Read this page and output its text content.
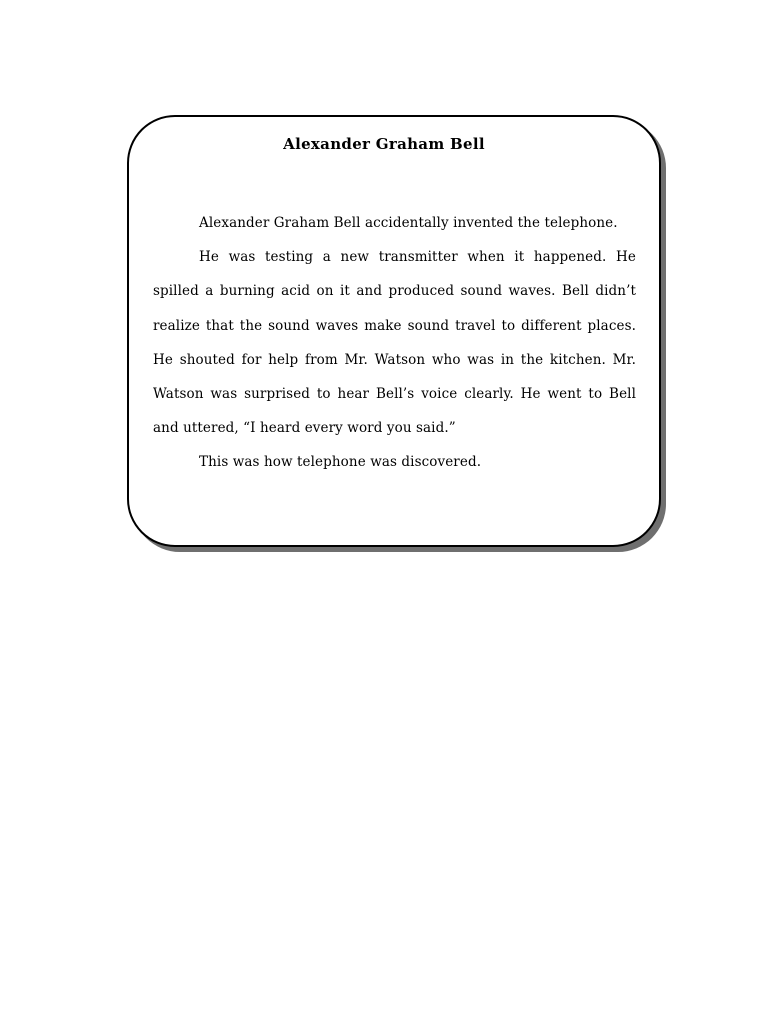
Alexander Graham Bell

Alexander Graham Bell accidentally invented the telephone.

He was testing a new transmitter when it happened. He spilled a burning acid on it and produced sound waves. Bell didn’t realize that the sound waves make sound travel to different places. He shouted for help from Mr. Watson who was in the kitchen. Mr. Watson was surprised to hear Bell’s voice clearly. He went to Bell and uttered, “I heard every word you said.”

This was how telephone was discovered.
